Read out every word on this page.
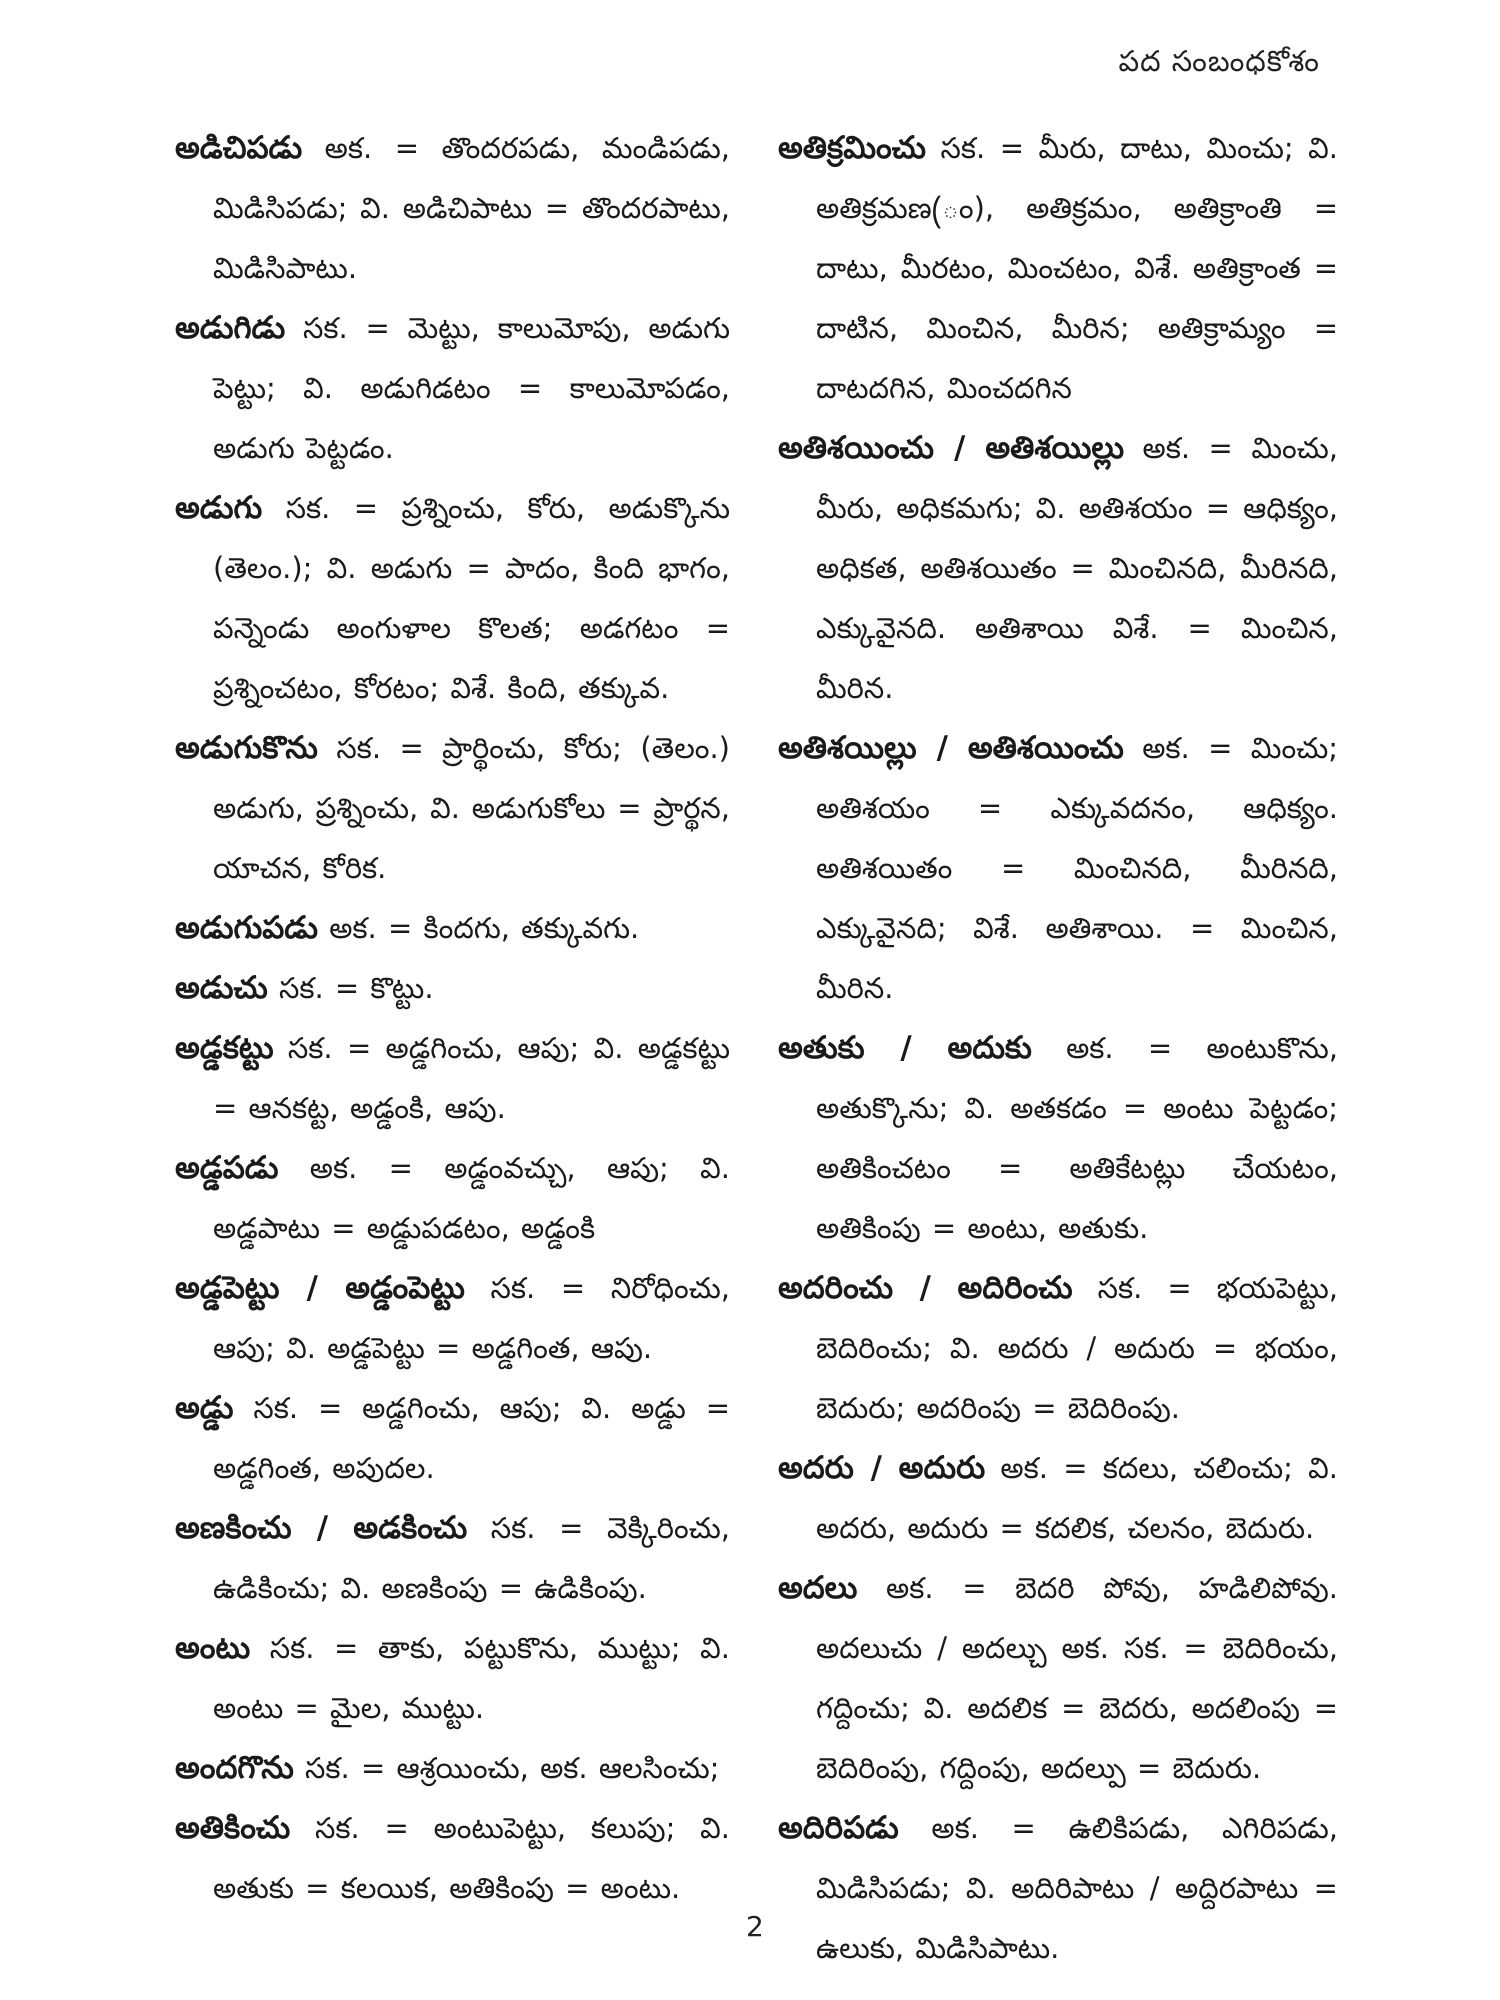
పద సంబంధకోశం

అడిచిపడు అక. = తొందరపడు, మండిపడు, మిడిసిపడు; వి. అడిచిపాటు = తొందరపాటు, మిడిసిపాటు.

అడుగిడు సక. = మెట్టు, కాలుమోపు, అడుగు పెట్టు; వి. అడుగిడటం = కాలుమోపడం, అడుగు పెట్టడం.

అడుగు సక. = ప్రశ్నించు, కోరు, అడుక్కొను (తెలం.); వి. అడుగు = పాదం, కింది భాగం, పన్నెండు అంగుళాల కొలత; అడగటం = ప్రశ్నించటం, కోరటం; విశే. కింది, తక్కువ.

అడుగుకొను సక. = ప్రార్థించు, కోరు; (తెలం.) అడుగు, ప్రశ్నించు, వి. అడుగుకోలు = ప్రార్థన, యాచన, కోరిక.

అడుగుపడు అక. = కిందగు, తక్కువగు.

అడుచు సక. = కొట్టు.

అడ్డకట్టు సక. = అడ్డగించు, ఆపు; వి. అడ్డకట్టు = ఆనకట్ట, అడ్డంకి, ఆపు.

అడ్డపడు అక. = అడ్డంవచ్చు, ఆపు; వి. అడ్డపాటు = అడ్డుపడటం, అడ్డంకి

అడ్డపెట్టు / అడ్డంపెట్టు సక. = నిరోధించు, ఆపు; వి. అడ్డపెట్టు = అడ్డగింత, ఆపు.

అడ్డు సక. = అడ్డగించు, ఆపు; వి. అడ్డు = అడ్డగింత, అపుదల.

అణకించు / అడకించు సక. = వెక్కిరించు, ఉడికించు; వి. అణకింపు = ఉడికింపు.

అంటు సక. = తాకు, పట్టుకొను, ముట్టు; వి. అంటు = మైల, ముట్టు.

అందగొను సక. = ఆశ్రయించు, అక. ఆలసించు;

అతికించు సక. = అంటుపెట్టు, కలుపు; వి. అతుకు = కలయిక, అతికింపు = అంటు.

అతిక్రమించు సక. = మీరు, దాటు, మించు; వి. అతిక్రమణ(ం), అతిక్రమం, అతిక్రాంతి = దాటు, మీరటం, మించటం, విశే. అతిక్రాంత = దాటిన, మించిన, మీరిన; అతిక్రామ్యం = దాటదగిన, మించదగిన

అతిశయించు / అతిశయిల్లు అక. = మించు, మీరు, అధికమగు; వి. అతిశయం = ఆధిక్యం, అధికత, అతిశయితం = మించినది, మీరినది, ఎక్కువైనది. అతిశాయి విశే. = మించిన, మీరిన.

అతిశయిల్లు / అతిశయించు అక. = మించు; అతిశయం = ఎక్కువదనం, ఆధిక్యం. అతిశయితం = మించినది, మీరినది, ఎక్కువైనది; విశే. అతిశాయి. = మించిన, మీరిన.

అతుకు / అదుకు అక. = అంటుకొను, అతుక్కొను; వి. అతకడం = అంటు పెట్టడం; అతికించటం = అతికేటట్లు చేయటం, అతికింపు = అంటు, అతుకు.

అదరించు / అదిరించు సక. = భయపెట్టు, బెదిరించు; వి. అదరు / అదురు = భయం, బెదురు; అదరింపు = బెదిరింపు.

అదరు / అదురు అక. = కదలు, చలించు; వి. అదరు, అదురు = కదలిక, చలనం, బెదురు.

అదలు అక. = బెదరి పోవు, హడిలిపోవు. అదలుచు / అదల్చు అక. సక. = బెదిరించు, గద్దించు; వి. అదలిక = బెదరు, అదలింపు = బెదిరింపు, గద్దింపు, అదల్పు = బెదురు.

అదిరిపడు అక. = ఉలికిపడు, ఎగిరిపడు, మిడిసిపడు; వి. అదిరిపాటు / అద్దిరపాటు = ఉలుకు, మిడిసిపాటు.

2
